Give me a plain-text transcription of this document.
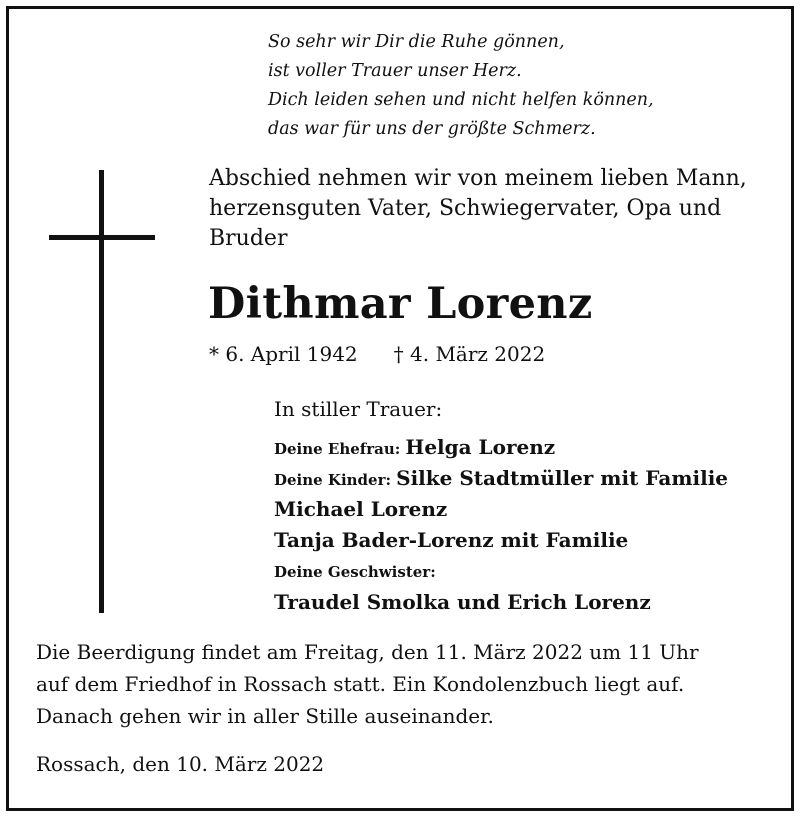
So sehr wir Dir die Ruhe gönnen,
ist voller Trauer unser Herz.
Dich leiden sehen und nicht helfen können,
das war für uns der größte Schmerz.
Abschied nehmen wir von meinem lieben Mann,
herzensguten Vater, Schwiegervater, Opa und
Bruder
Dithmar Lorenz
* 6. April 1942 † 4. März 2022
In stiller Trauer:
Deine Ehefrau: Helga Lorenz
Deine Kinder: Silke Stadtmüller mit Familie
Michael Lorenz
Tanja Bader-Lorenz mit Familie
Deine Geschwister:
Traudel Smolka und Erich Lorenz
Die Beerdigung findet am Freitag, den 11. März 2022 um 11 Uhr
auf dem Friedhof in Rossach statt. Ein Kondolenzbuch liegt auf.
Danach gehen wir in aller Stille auseinander.
Rossach, den 10. März 2022
